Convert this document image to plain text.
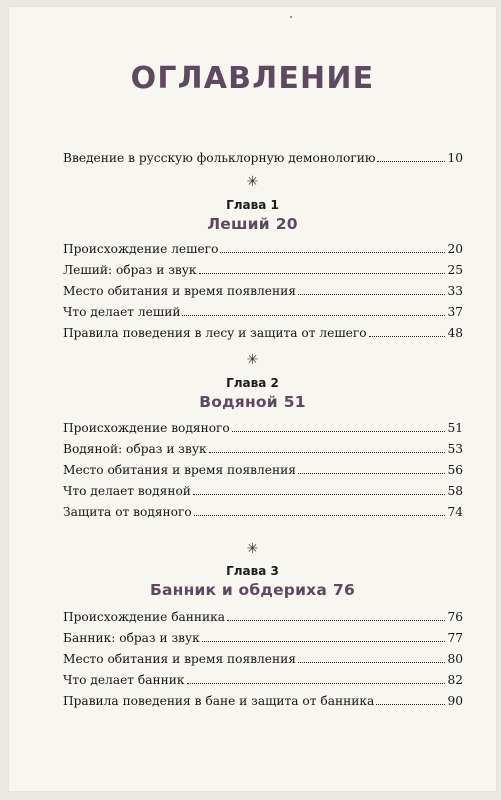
ОГЛАВЛЕНИЕ
Введение в русскую фольклорную демонологию	10
✳
Глава 1
Леший 20
Происхождение лешего	20
Леший: образ и звук	25
Место обитания и время появления	33
Что делает леший	37
Правила поведения в лесу и защита от лешего	48
✳
Глава 2
Водяной 51
Происхождение водяного	51
Водяной: образ и звук	53
Место обитания и время появления	56
Что делает водяной	58
Защита от водяного	74
✳
Глава 3
Банник и обдериха 76
Происхождение банника	76
Банник: образ и звук	77
Место обитания и время появления	80
Что делает банник	82
Правила поведения в бане и защита от банника	90
